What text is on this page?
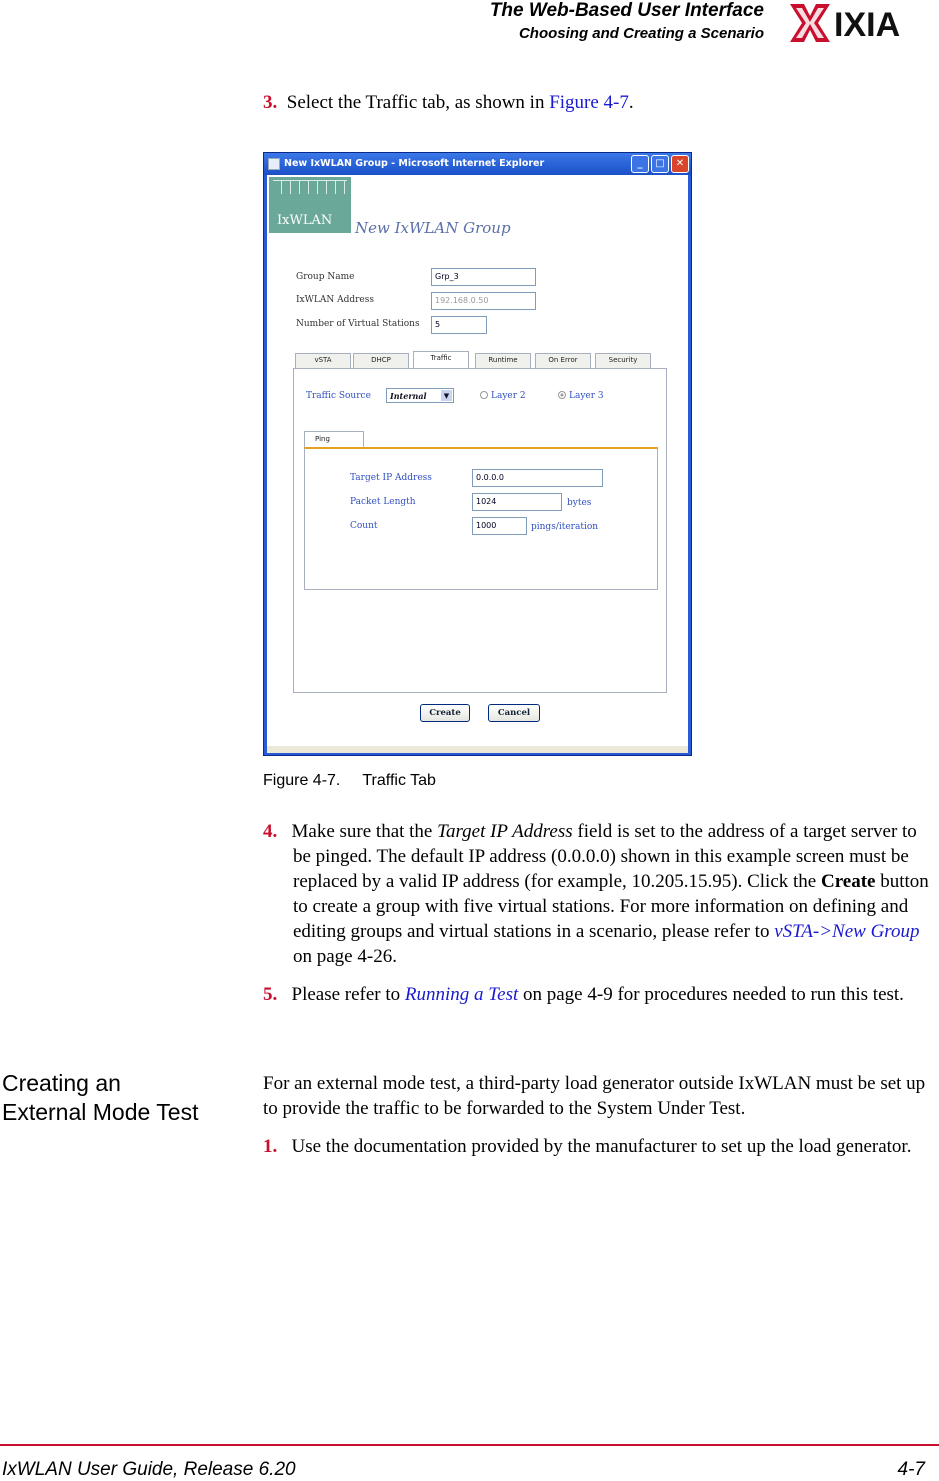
The Web-Based User Interface
Choosing and Creating a Scenario IXIA
3. Select the Traffic tab, as shown in Figure 4-7.
New IxWLAN Group - Microsoft Internet Explorer	_	□	✕
IxWLAN New IxWLAN Group
Group Name	Grp_3
IxWLAN Address	192.168.0.50
Number of Virtual Stations	5
vSTA	DHCP	Traffic	Runtime	On Error	Security
Traffic Source	Internal	▼	Layer 2	Layer 3
Ping
Target IP Address	0.0.0.0
Packet Length	1024	bytes
Count	1000	pings/iteration
Create	Cancel
Figure 4-7. Traffic Tab
4. Make sure that the Target IP Address field is set to the address of a target server to be pinged. The default IP address (0.0.0.0) shown in this example screen must be replaced by a valid IP address (for example, 10.205.15.95). Click the Create button to create a group with five virtual stations. For more information on defining and editing groups and virtual stations in a scenario, please refer to vSTA->New Group on page 4-26.
5. Please refer to Running a Test on page 4-9 for procedures needed to run this test.
Creating an
External Mode Test
For an external mode test, a third-party load generator outside IxWLAN must be set up to provide the traffic to be forwarded to the System Under Test.
1. Use the documentation provided by the manufacturer to set up the load generator.
IxWLAN User Guide, Release 6.20	4-7
